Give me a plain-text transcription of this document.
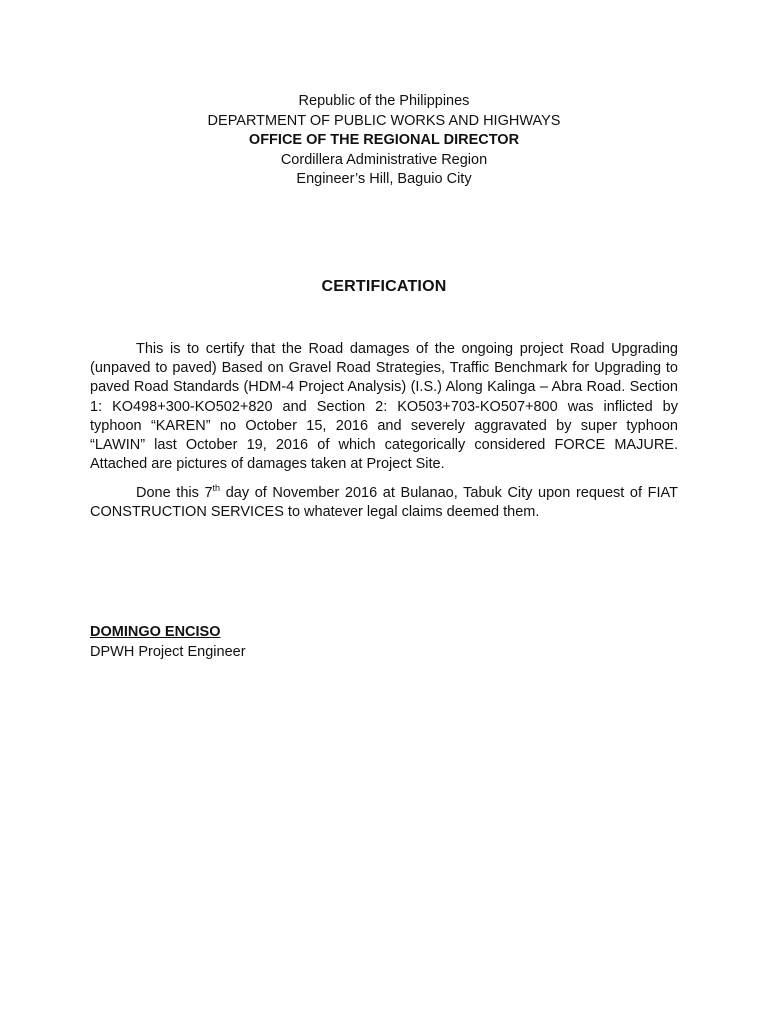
Republic of the Philippines
DEPARTMENT OF PUBLIC WORKS AND HIGHWAYS
OFFICE OF THE REGIONAL DIRECTOR
Cordillera Administrative Region
Engineer’s Hill, Baguio City
CERTIFICATION

This is to certify that the Road damages of the ongoing project Road Upgrading (unpaved to paved) Based on Gravel Road Strategies, Traffic Benchmark for Upgrading to paved Road Standards (HDM-4 Project Analysis) (I.S.) Along Kalinga – Abra Road. Section 1: KO498+300-KO502+820 and Section 2: KO503+703-KO507+800 was inflicted by typhoon “KAREN” no October 15, 2016 and severely aggravated by super typhoon “LAWIN” last October 19, 2016 of which categorically considered FORCE MAJURE. Attached are pictures of damages taken at Project Site.

Done this 7th day of November 2016 at Bulanao, Tabuk City upon request of FIAT CONSTRUCTION SERVICES to whatever legal claims deemed them.

DOMINGO ENCISO
DPWH Project Engineer
